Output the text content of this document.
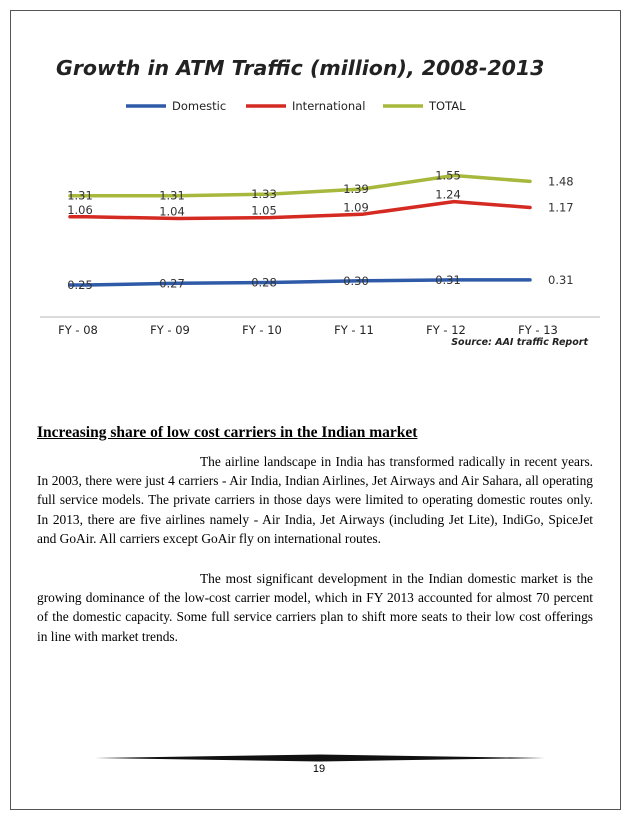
Growth in ATM Traffic (million), 2008-2013
Domestic	International	TOTAL
0.25	0.27	0.28	0.30	0.31	0.31
1.06	1.04	1.05	1.09
1.24
1.17
1.31	1.31	1.33	1.39
1.55	1.48
FY - 08	FY - 09	FY - 10	FY - 11	FY - 12	FY - 13
Source: AAI traffic Report
Increasing share of low cost carriers in the Indian market

The airline landscape in India has transformed radically in recent years. In 2003, there were just 4 carriers - Air India, Indian Airlines, Jet Airways and Air Sahara, all operating full service models. The private carriers in those days were limited to operating domestic routes only. In 2013, there are five airlines namely - Air India, Jet Airways (including Jet Lite), IndiGo, SpiceJet and GoAir. All carriers except GoAir fly on international routes.

The most significant development in the Indian domestic market is the growing dominance of the low-cost carrier model, which in FY 2013 accounted for almost 70 percent of the domestic capacity. Some full service carriers plan to shift more seats to their low cost offerings in line with market trends.

19
